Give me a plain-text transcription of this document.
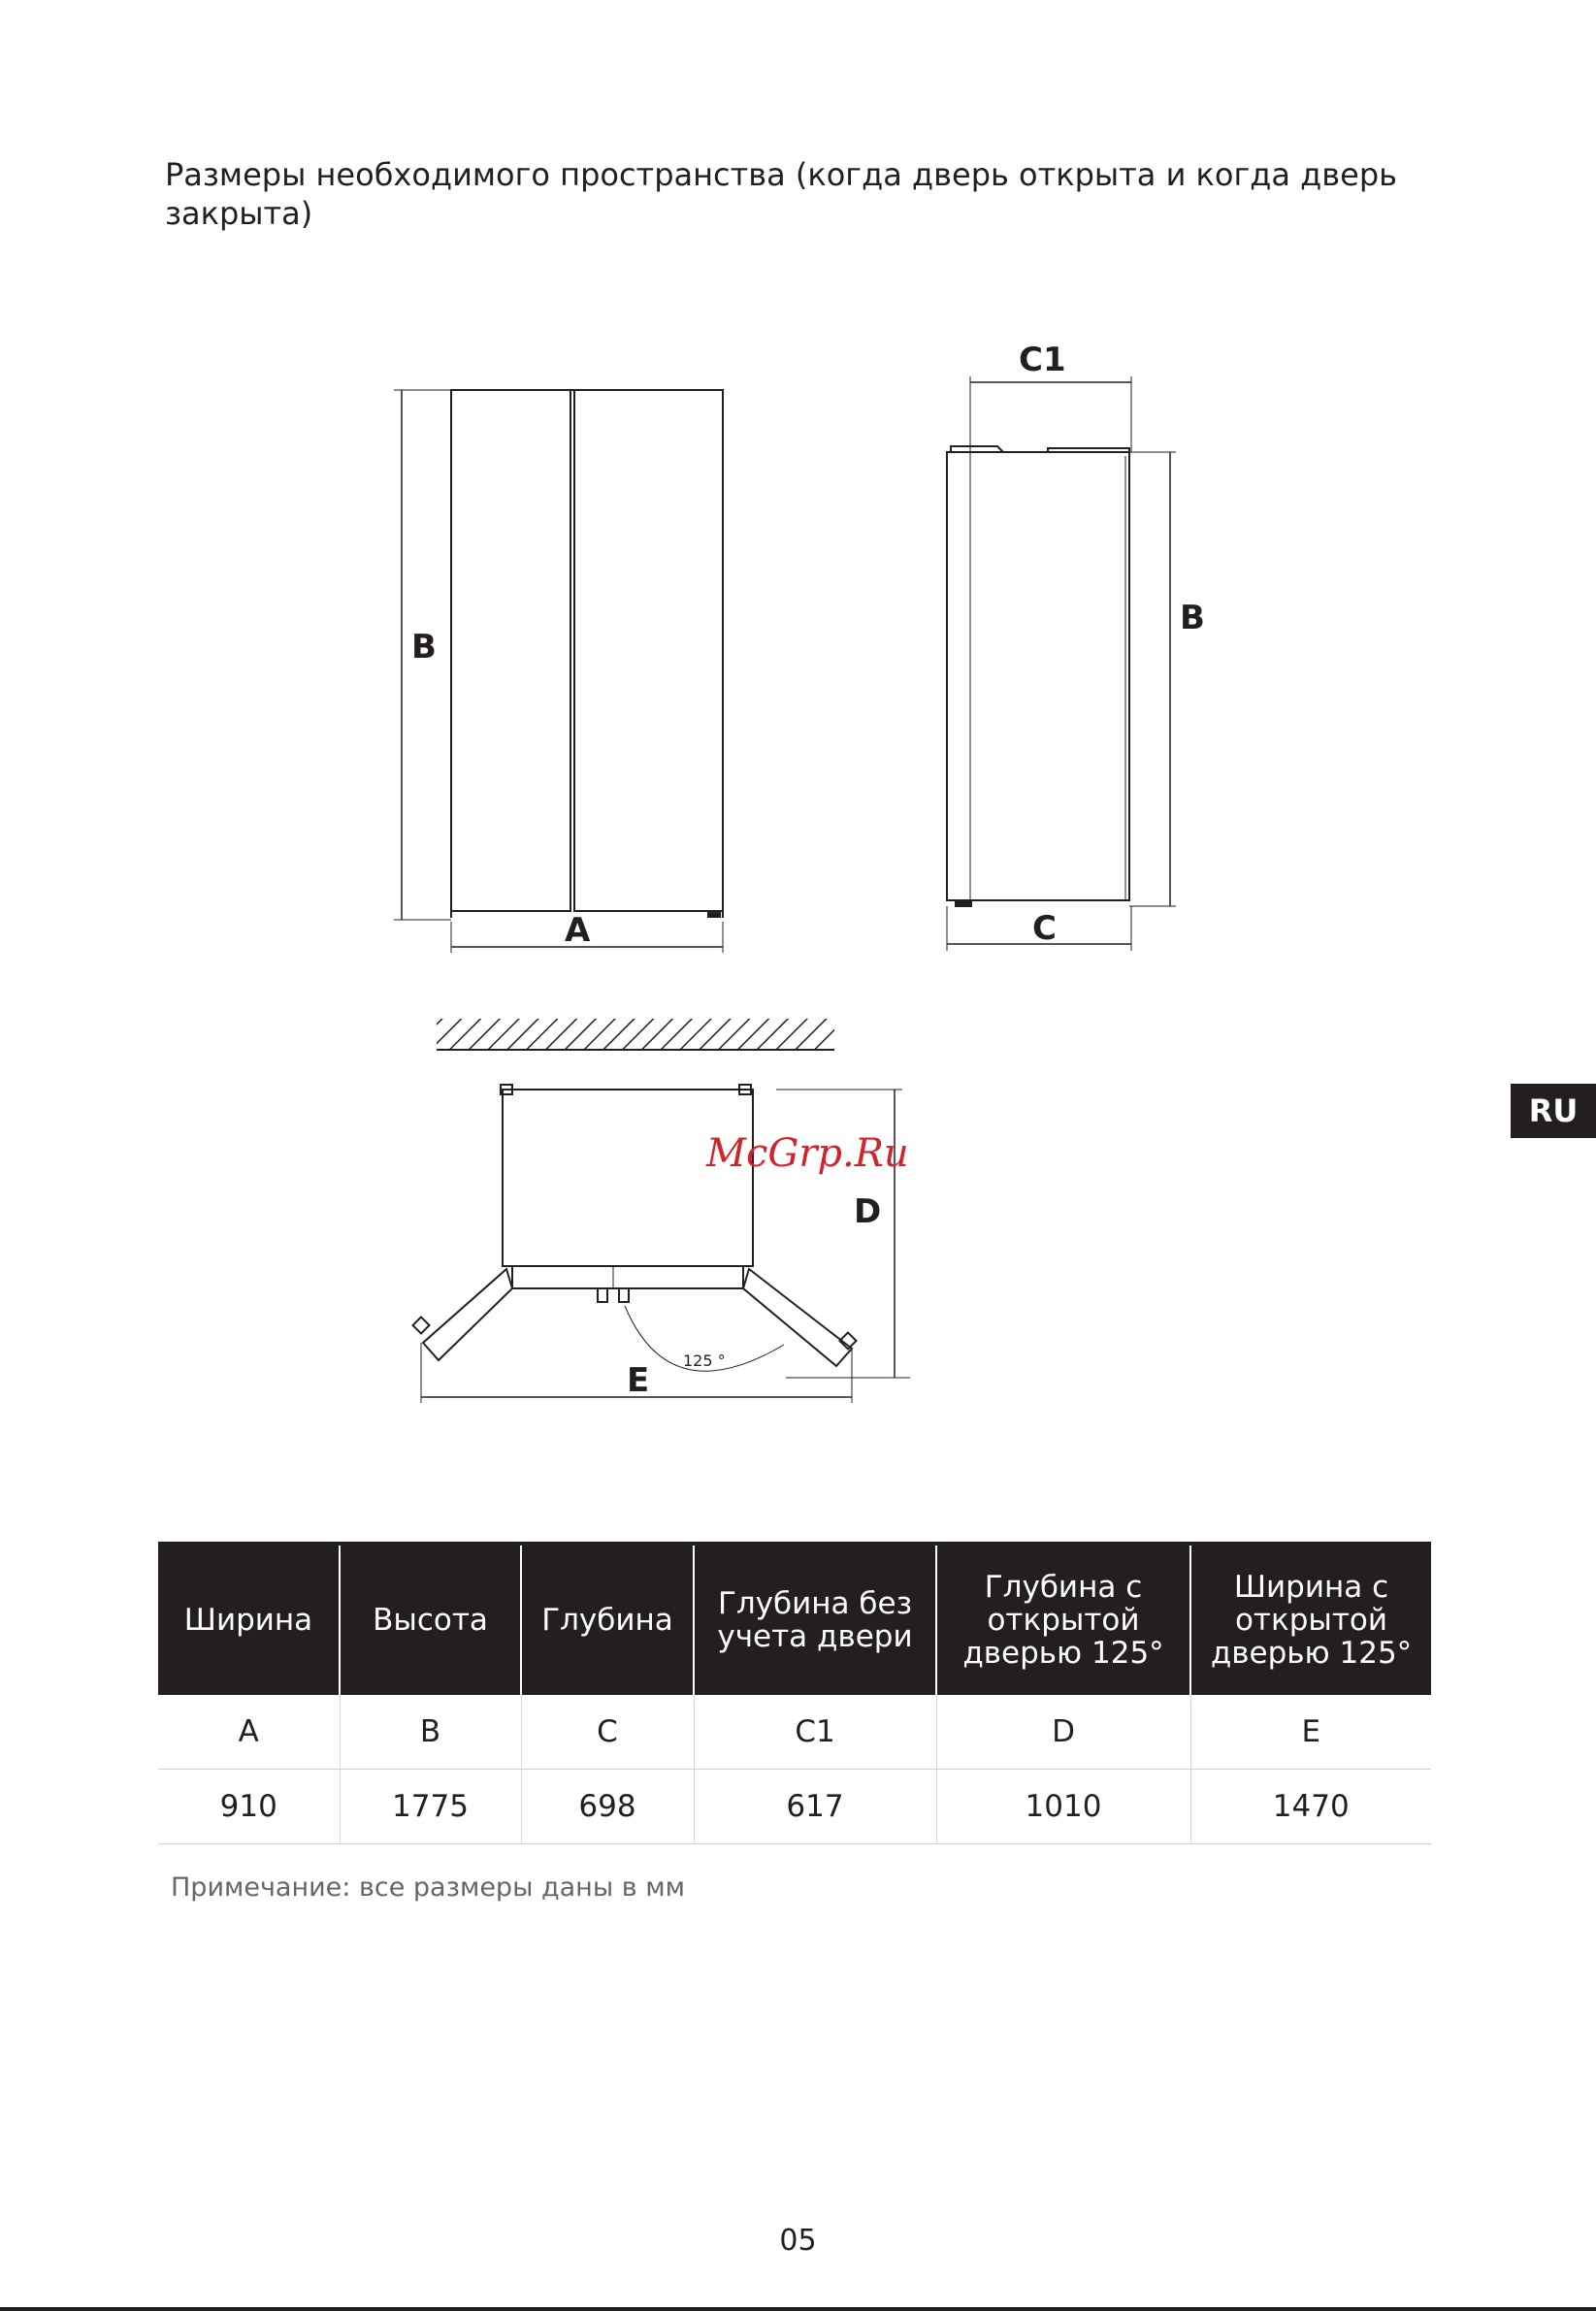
Размеры необходимого пространства (когда дверь открыта и когда дверь закрыта)
B
A
C1
B
C
D
E
125 °
McGrp.Ru
RU
Ширина	Высота	Глубина	Глубина без учета двери	Глубина с открытой дверью 125°	Ширина с открытой дверью 125°
A	B	C	C1	D	E
910	1775	698	617	1010	1470
Примечание: все размеры даны в мм
05
